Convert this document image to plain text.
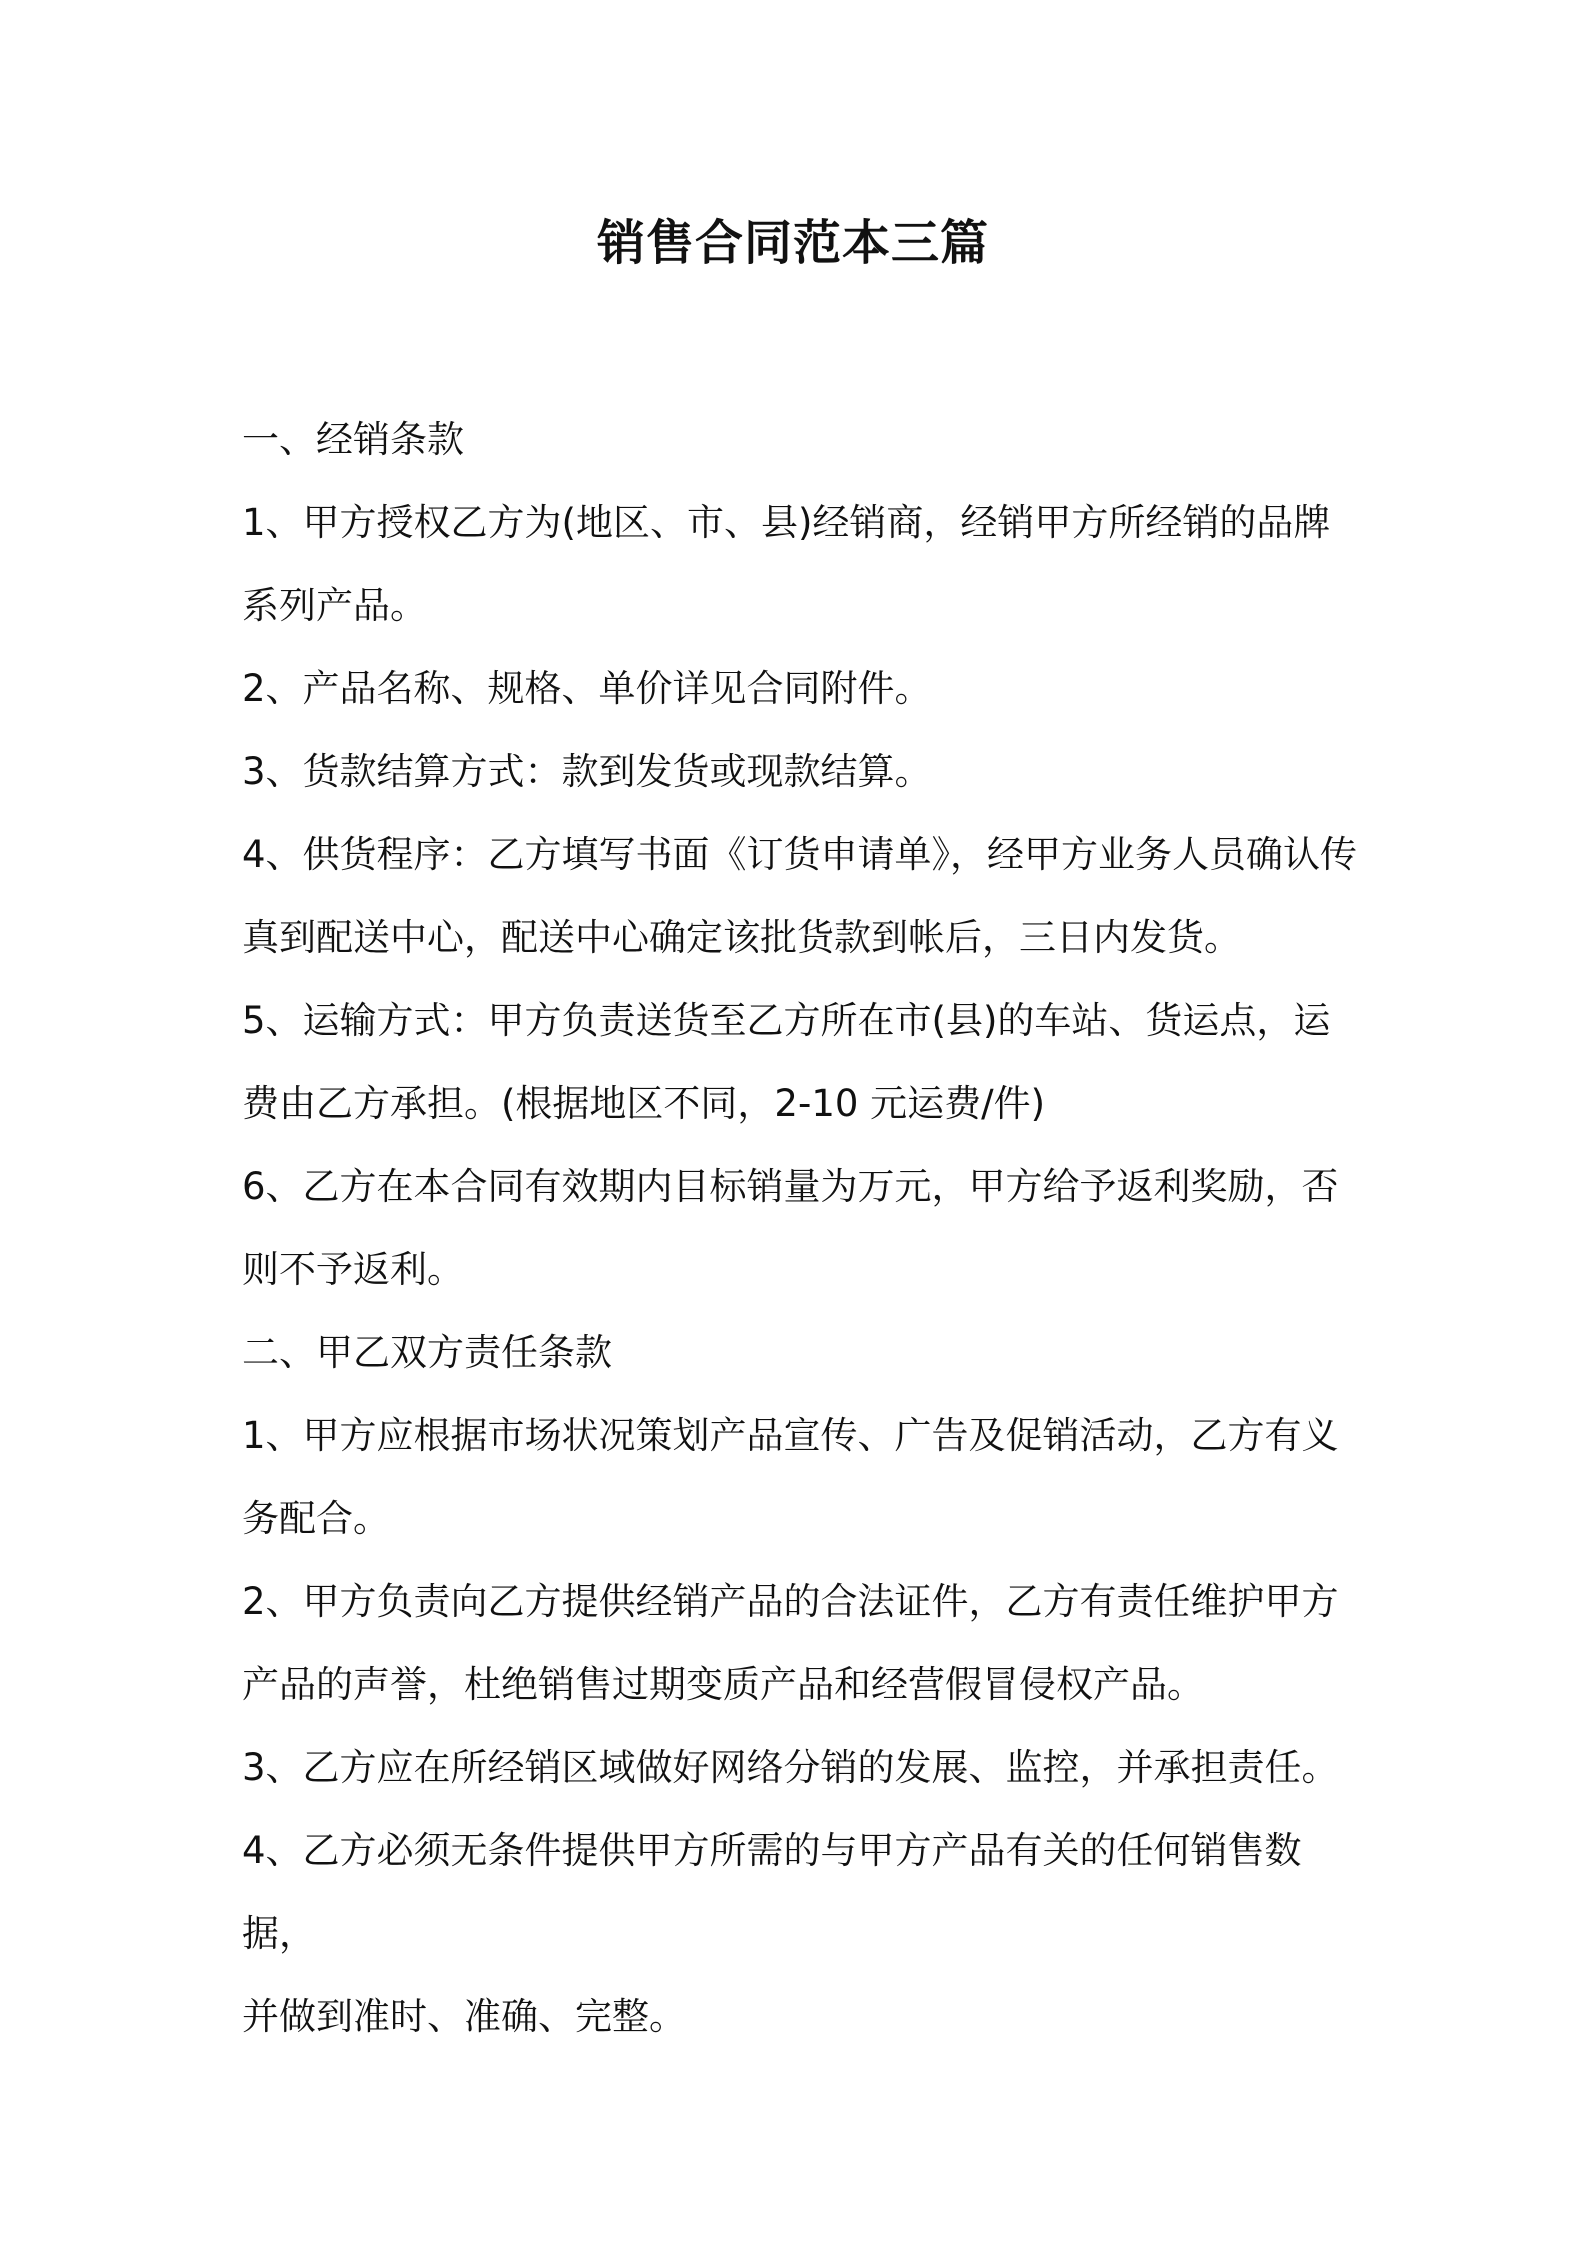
销售合同范本三篇

一、经销条款

1、甲方授权乙方为(地区、市、县)经销商，经销甲方所经销的品牌
系列产品。

2、产品名称、规格、单价详见合同附件。

3、货款结算方式：款到发货或现款结算。

4、供货程序：乙方填写书面《订货申请单》，经甲方业务人员确认传
真到配送中心，配送中心确定该批货款到帐后，三日内发货。

5、运输方式：甲方负责送货至乙方所在市(县)的车站、货运点，运
费由乙方承担。(根据地区不同，2-10 元运费/件)

6、乙方在本合同有效期内目标销量为万元，甲方给予返利奖励，否
则不予返利。

二、甲乙双方责任条款

1、甲方应根据市场状况策划产品宣传、广告及促销活动，乙方有义
务配合。

2、甲方负责向乙方提供经销产品的合法证件，乙方有责任维护甲方
产品的声誉，杜绝销售过期变质产品和经营假冒侵权产品。

3、乙方应在所经销区域做好网络分销的发展、监控，并承担责任。

4、乙方必须无条件提供甲方所需的与甲方产品有关的任何销售数据，
并做到准时、准确、完整。
